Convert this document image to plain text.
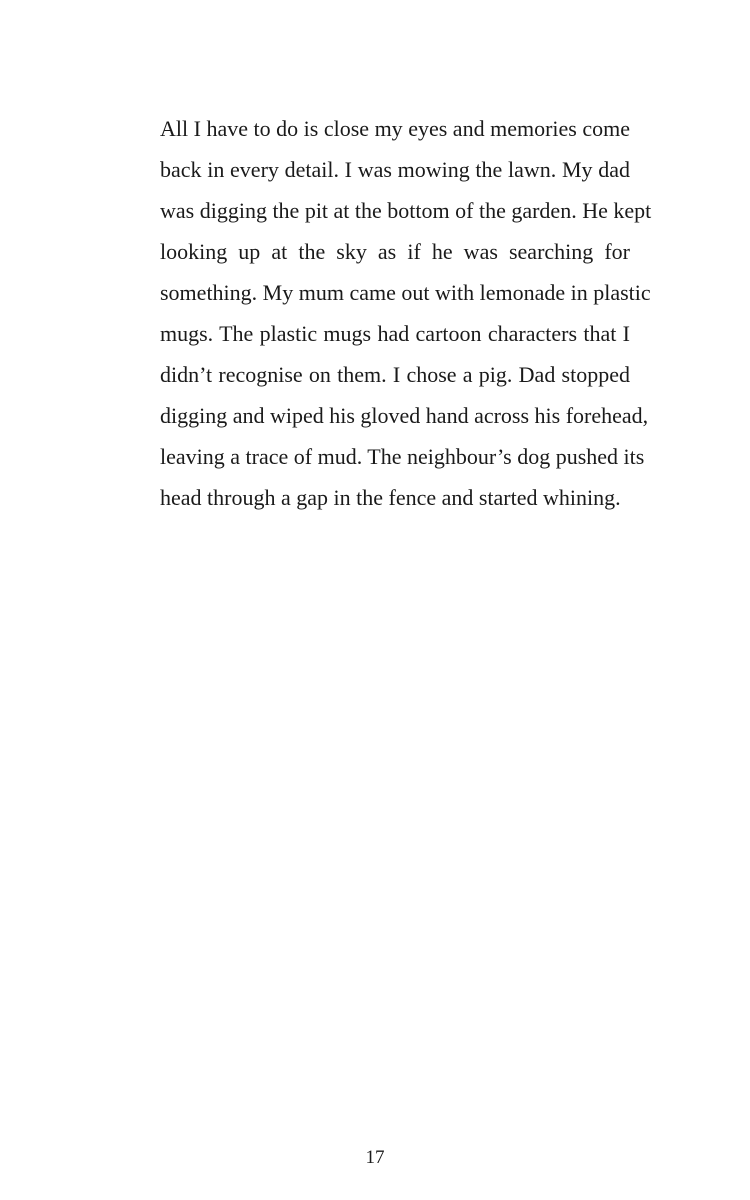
All I have to do is close my eyes and memories come
back in every detail. I was mowing the lawn. My dad
was digging the pit at the bottom of the garden. He kept
looking up at the sky as if he was searching for
something. My mum came out with lemonade in plastic
mugs. The plastic mugs had cartoon characters that I
didn’t recognise on them. I chose a pig. Dad stopped
digging and wiped his gloved hand across his forehead,
leaving a trace of mud. The neighbour’s dog pushed its
head through a gap in the fence and started whining.
17
